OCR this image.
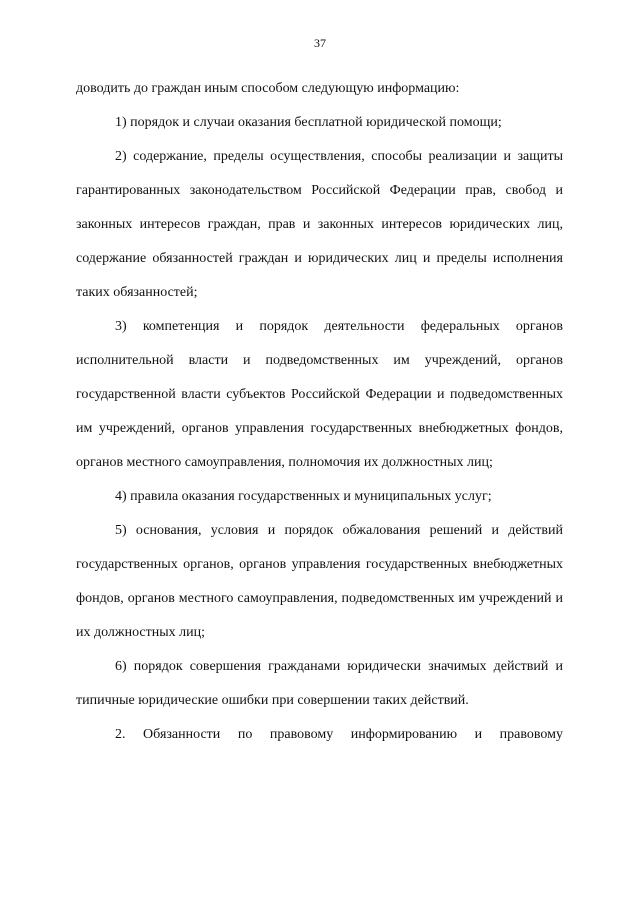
37

доводить до граждан иным способом следующую информацию:

1) порядок и случаи оказания бесплатной юридической помощи;

2) содержание, пределы осуществления, способы реализации и защиты гарантированных законодательством Российской Федерации прав, свобод и законных интересов граждан, прав и законных интересов юридических лиц, содержание обязанностей граждан и юридических лиц и пределы исполнения таких обязанностей;

3) компетенция и порядок деятельности федеральных органов исполнительной власти и подведомственных им учреждений, органов государственной власти субъектов Российской Федерации и подведомственных им учреждений, органов управления государственных внебюджетных фондов, органов местного самоуправления, полномочия их должностных лиц;

4) правила оказания государственных и муниципальных услуг;

5) основания, условия и порядок обжалования решений и действий государственных органов, органов управления государственных внебюджетных фондов, органов местного самоуправления, подведомственных им учреждений и их должностных лиц;

6) порядок совершения гражданами юридически значимых действий и типичные юридические ошибки при совершении таких действий.

2. Обязанности по правовому информированию и правовому
